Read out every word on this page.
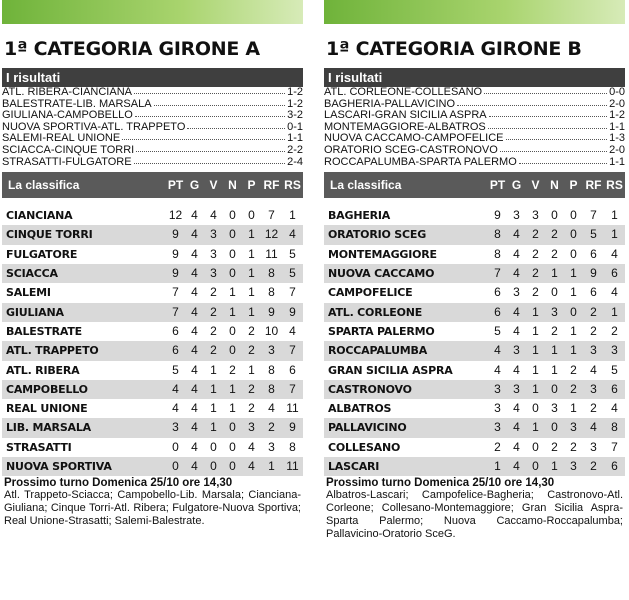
1ª CATEGORIA GIRONE A
I risultati
ATL. RIBERA-CIANCIANA	1-2
BALESTRATE-LIB. MARSALA	1-2
GIULIANA-CAMPOBELLO	3-2
NUOVA SPORTIVA-ATL. TRAPPETO	0-1
SALEMI-REAL UNIONE	1-1
SCIACCA-CINQUE TORRI	2-2
STRASATTI-FULGATORE	2-4
La classifica	PT G V N P RF RS
CIANCIANA	12 4	4	0	0	7	1
CINQUE TORRI	9	4	3	0	1 12 4
FULGATORE	9	4	3	0	1 11 5
SCIACCA	9	4	3	0	1	8	5
SALEMI	7	4	2	1	1	8	7
GIULIANA	7	4	2	1	1	9	9
BALESTRATE	6	4	2	0	2 10 4
ATL. TRAPPETO	6	4	2	0	2	3	7
ATL. RIBERA	5	4	1	2	1	8	6
CAMPOBELLO	4	4	1	1	2	8	7
REAL UNIONE	4	4	1	1	2	4 11
LIB. MARSALA	3	4	1	0	3	2	9
STRASATTI	0	4	0	0	4	3	8
NUOVA SPORTIVA	0	4	0	0	4	1 11
Prossimo turno Domenica 25/10 ore 14,30
Atl. Trappeto-Sciacca; Campobello-Lib. Marsala; Cianciana-Giuliana; Cinque Torri-Atl. Ribera; Fulgatore-Nuova Sportiva; Real Unione-Strasatti; Salemi-Balestrate.
1ª CATEGORIA GIRONE B
I risultati
ATL. CORLEONE-COLLESANO	0-0
BAGHERIA-PALLAVICINO	2-0
LASCARI-GRAN SICILIA ASPRA	1-2
MONTEMAGGIORE-ALBATROS	1-1
NUOVA CACCAMO-CAMPOFELICE	1-3
ORATORIO SCEG-CASTRONOVO	2-0
ROCCAPALUMBA-SPARTA PALERMO	1-1
La classifica	PT G V N P RF RS
BAGHERIA	9	3	3	0	0	7	1
ORATORIO SCEG	8	4	2	2	0	5	1
MONTEMAGGIORE	8	4	2	2	0	6	4
NUOVA CACCAMO	7	4	2	1	1	9	6
CAMPOFELICE	6	3	2	0	1	6	4
ATL. CORLEONE	6	4	1	3	0	2	1
SPARTA PALERMO	5	4	1	2	1	2	2
ROCCAPALUMBA	4	3	1	1	1	3	3
GRAN SICILIA ASPRA	4	4	1	1	2	4	5
CASTRONOVO	3	3	1	0	2	3	6
ALBATROS	3	4	0	3	1	2	4
PALLAVICINO	3	4	1	0	3	4	8
COLLESANO	2	4	0	2	2	3	7
LASCARI	1	4	0	1	3	2	6
Prossimo turno Domenica 25/10 ore 14,30
Albatros-Lascari; Campofelice-Bagheria; Castronovo-Atl. Corleone; Collesano-Montemaggiore; Gran Sicilia Aspra-Sparta Palermo; Nuova Caccamo-Roccapalumba; Pallavicino-Oratorio SceG.
